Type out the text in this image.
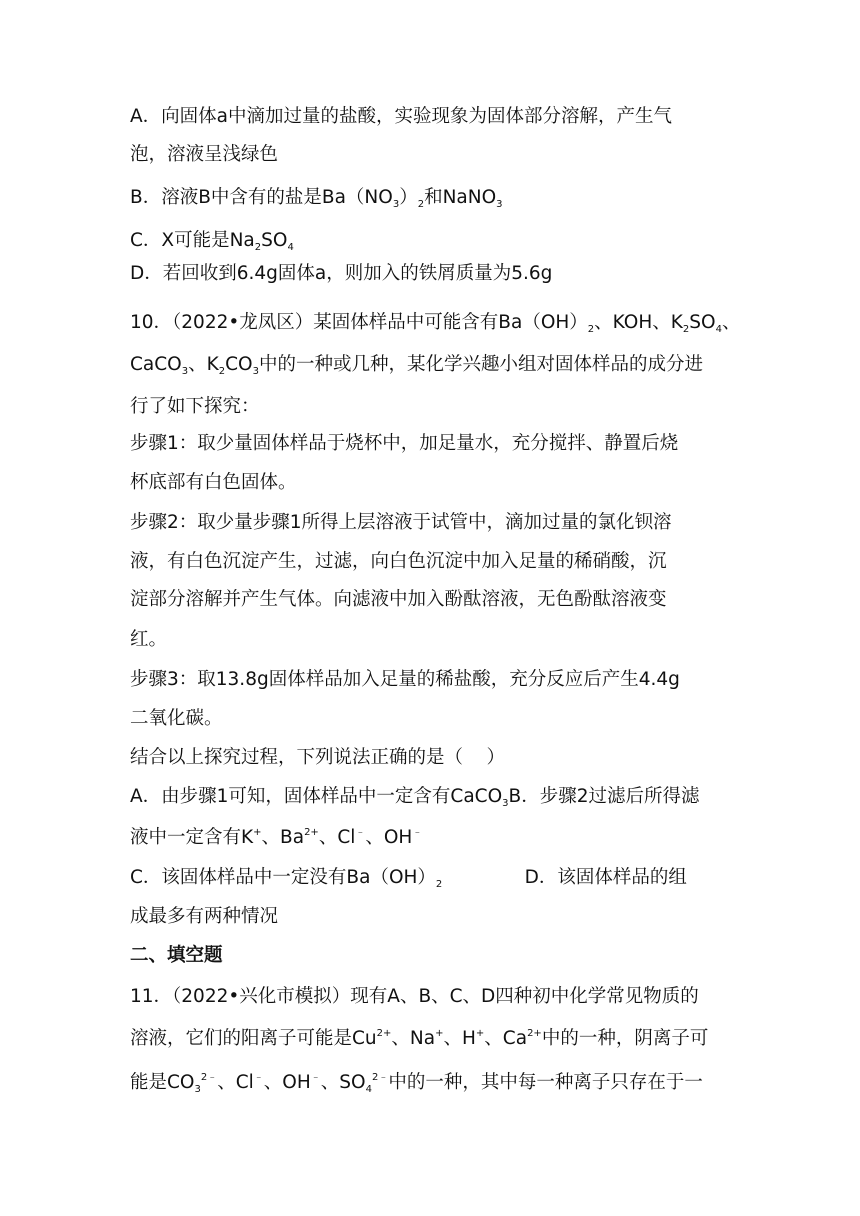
A．向固体a中滴加过量的盐酸，实验现象为固体部分溶解，产生气

泡，溶液呈浅绿色

B．溶液B中含有的盐是$Ba(NO_3)_2$和NaNO$_3$

C．X可能是$Na_2SO_4$

D．若回收到6.4g固体a，则加入的铁屑质量为5.6g

10．（2022•龙凤区）某固体样品中可能含有$Ba(OH)_2$、KOH、$K_2SO_4$、

CaCO$_3$、$K_2CO_3$中的一种或几种，某化学兴趣小组对固体样品的成分进

行了如下探究：

步骤1：取少量固体样品于烧杯中，加足量水，充分搅拌、静置后烧

杯底部有白色固体。

步骤2：取少量步骤1所得上层溶液于试管中，滴加过量的氯化钡溶

液，有白色沉淀产生，过滤，向白色沉淀中加入足量的稀硝酸，沉

淀部分溶解并产生气体。向滤液中加入酚酞溶液，无色酚酞溶液变

红。

步骤3：取13.8g固体样品加入足量的稀盐酸，充分反应后产生4.4g

二氧化碳。

结合以上探究过程，下列说法正确的是（    ）

A．由步骤1可知，固体样品中一定含有CaCO$_3$B．步骤2过滤后所得滤

液中一定含有K+、$Ba^{2+}$、Cl﹣、OH﹣

C．该固体样品中一定没有$Ba(OH)_2$              D．该固体样品的组

成最多有两种情况

二、填空题

11．（2022•兴化市模拟）现有A、B、C、D四种初中化学常见物质的

溶液，它们的阳离子可能是$Cu^{2+}$、Na+、H+、$Ca^{2+}$中的一种，阴离子可

能是$CO_3^{2﹣}$、Cl﹣、OH﹣、$SO_4^{2﹣}$中的一种，其中每一种离子只存在于一
